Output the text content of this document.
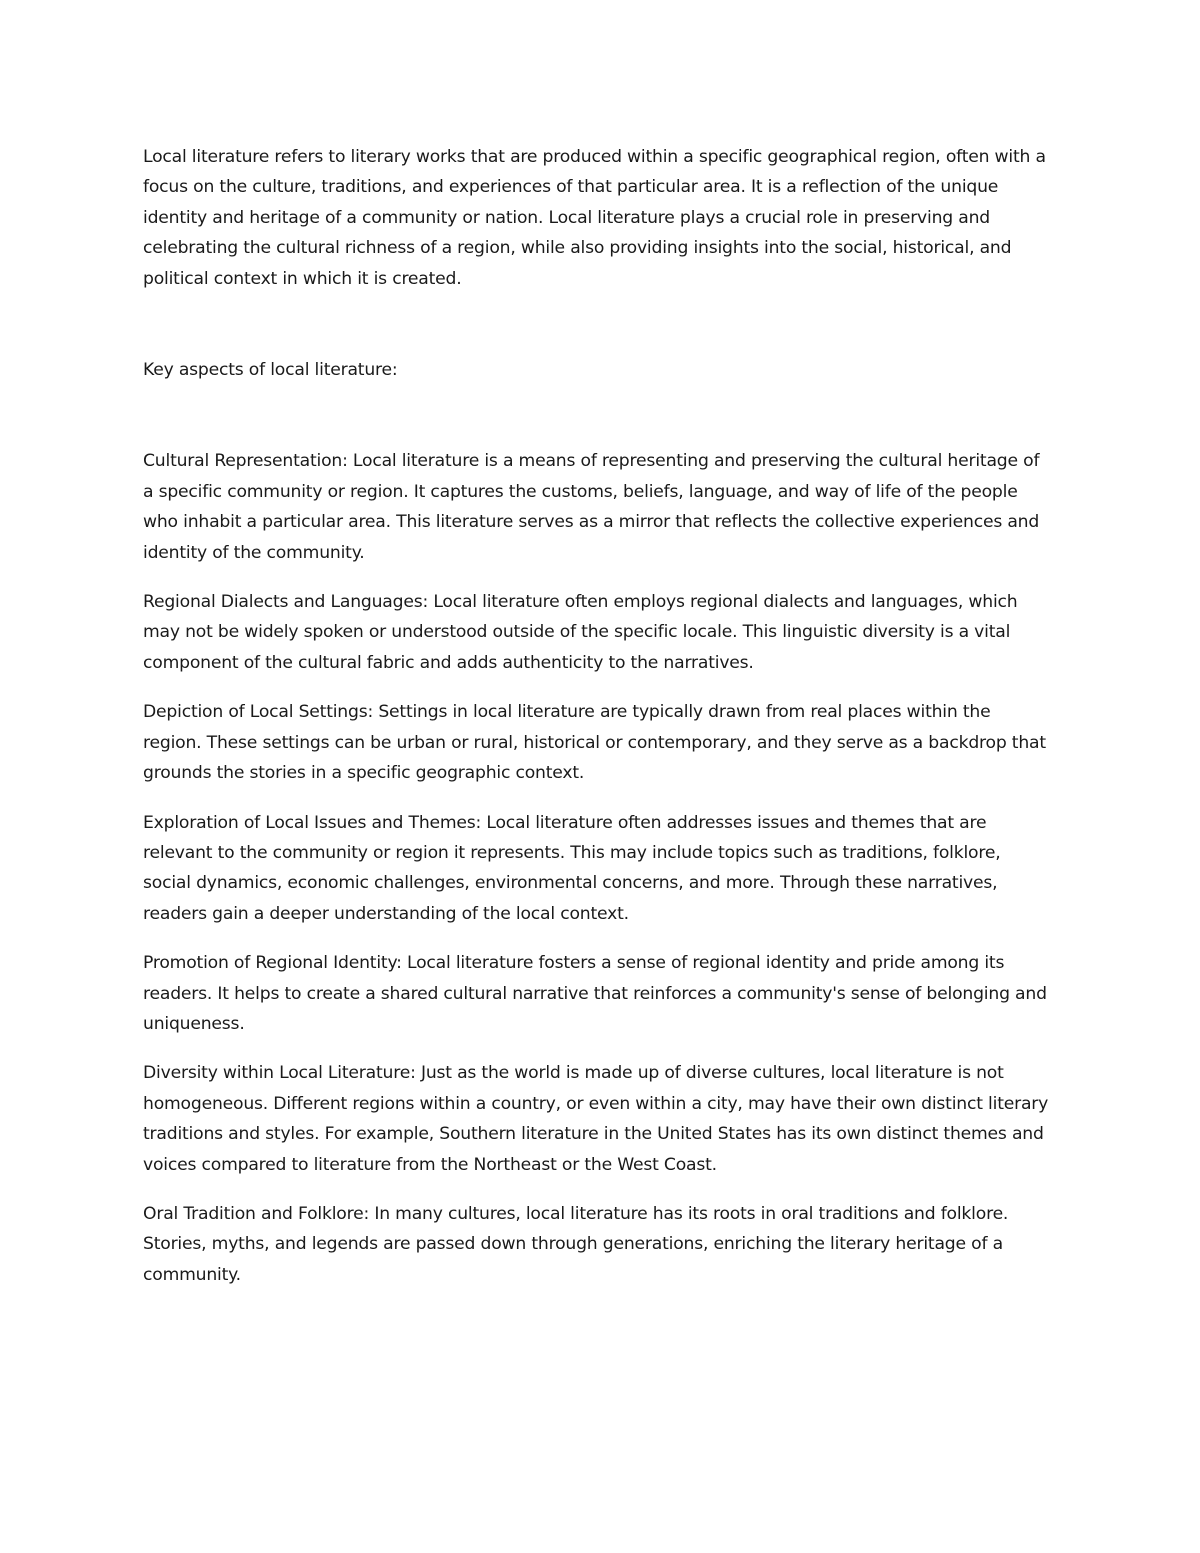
Local literature refers to literary works that are produced within a specific geographical region, often with a focus on the culture, traditions, and experiences of that particular area. It is a reflection of the unique identity and heritage of a community or nation. Local literature plays a crucial role in preserving and celebrating the cultural richness of a region, while also providing insights into the social, historical, and political context in which it is created.

Key aspects of local literature:

Cultural Representation: Local literature is a means of representing and preserving the cultural heritage of a specific community or region. It captures the customs, beliefs, language, and way of life of the people who inhabit a particular area. This literature serves as a mirror that reflects the collective experiences and identity of the community.

Regional Dialects and Languages: Local literature often employs regional dialects and languages, which may not be widely spoken or understood outside of the specific locale. This linguistic diversity is a vital component of the cultural fabric and adds authenticity to the narratives.

Depiction of Local Settings: Settings in local literature are typically drawn from real places within the region. These settings can be urban or rural, historical or contemporary, and they serve as a backdrop that grounds the stories in a specific geographic context.

Exploration of Local Issues and Themes: Local literature often addresses issues and themes that are relevant to the community or region it represents. This may include topics such as traditions, folklore, social dynamics, economic challenges, environmental concerns, and more. Through these narratives, readers gain a deeper understanding of the local context.

Promotion of Regional Identity: Local literature fosters a sense of regional identity and pride among its readers. It helps to create a shared cultural narrative that reinforces a community's sense of belonging and uniqueness.

Diversity within Local Literature: Just as the world is made up of diverse cultures, local literature is not homogeneous. Different regions within a country, or even within a city, may have their own distinct literary traditions and styles. For example, Southern literature in the United States has its own distinct themes and voices compared to literature from the Northeast or the West Coast.

Oral Tradition and Folklore: In many cultures, local literature has its roots in oral traditions and folklore. Stories, myths, and legends are passed down through generations, enriching the literary heritage of a community.
